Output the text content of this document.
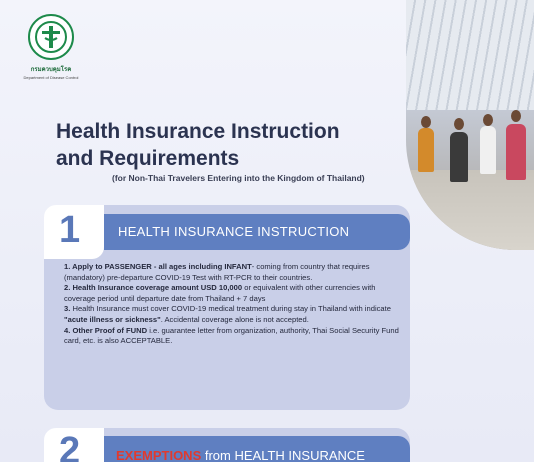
กรมควบคุมโรค
Department of Disease Control
Health Insurance Instruction
and Requirements
(for Non-Thai Travelers Entering into the Kingdom of Thailand)
1	HEALTH INSURANCE INSTRUCTION

1. Apply to PASSENGER - all ages including INFANT- coming from country that requires (mandatory) pre-departure COVID-19 Test with RT-PCR to their countries.

2. Health Insurance coverage amount USD 10,000 or equivalent with other currencies with coverage period until departure date from Thailand + 7 days

3. Health Insurance must cover COVID-19 medical treatment during stay in Thailand with indicate "acute illness or sickness". Accidental coverage alone is not accepted.

4. Other Proof of FUND i.e. guarantee letter from organization, authority, Thai Social Security Fund card, etc. is also ACCEPTABLE.

2	EXEMPTIONS from HEALTH INSURANCE
